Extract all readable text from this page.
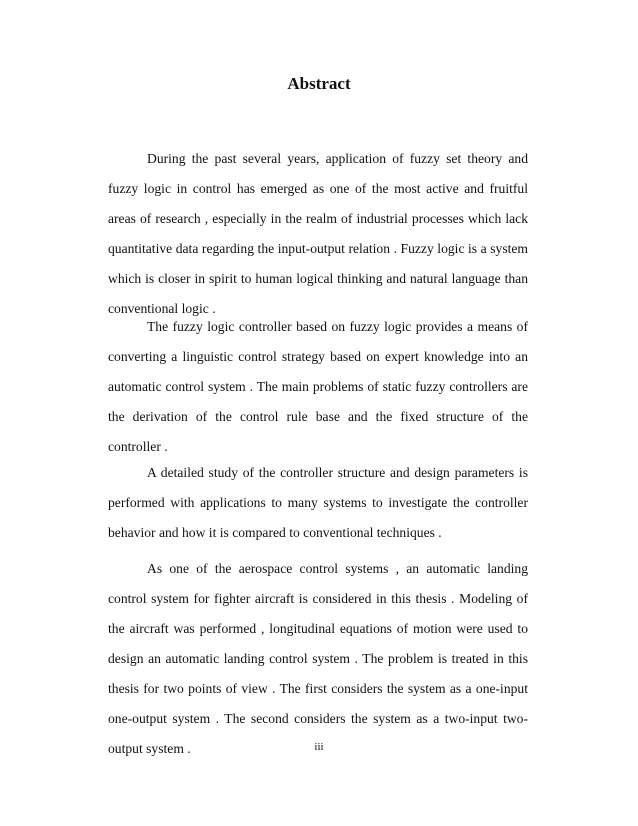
Abstract

During the past several years, application of fuzzy set theory and fuzzy logic in control has emerged as one of the most active and fruitful areas of research , especially in the realm of industrial processes which lack quantitative data regarding the input-output relation . Fuzzy logic is a system which is closer in spirit to human logical thinking and natural language than conventional logic .

The fuzzy logic controller based on fuzzy logic provides a means of converting a linguistic control strategy based on expert knowledge into an automatic control system . The main problems of static fuzzy controllers are the derivation of the control rule base and the fixed structure of the controller .

A detailed study of the controller structure and design parameters is performed with applications to many systems to investigate the controller behavior and how it is compared to conventional techniques .

As one of the aerospace control systems , an automatic landing control system for fighter aircraft is considered in this thesis . Modeling of the aircraft was performed , longitudinal equations of motion were used to design an automatic landing control system . The problem is treated in this thesis for two points of view . The first considers the system as a one-input one-output system . The second considers the system as a two-input two-output system .	iii
